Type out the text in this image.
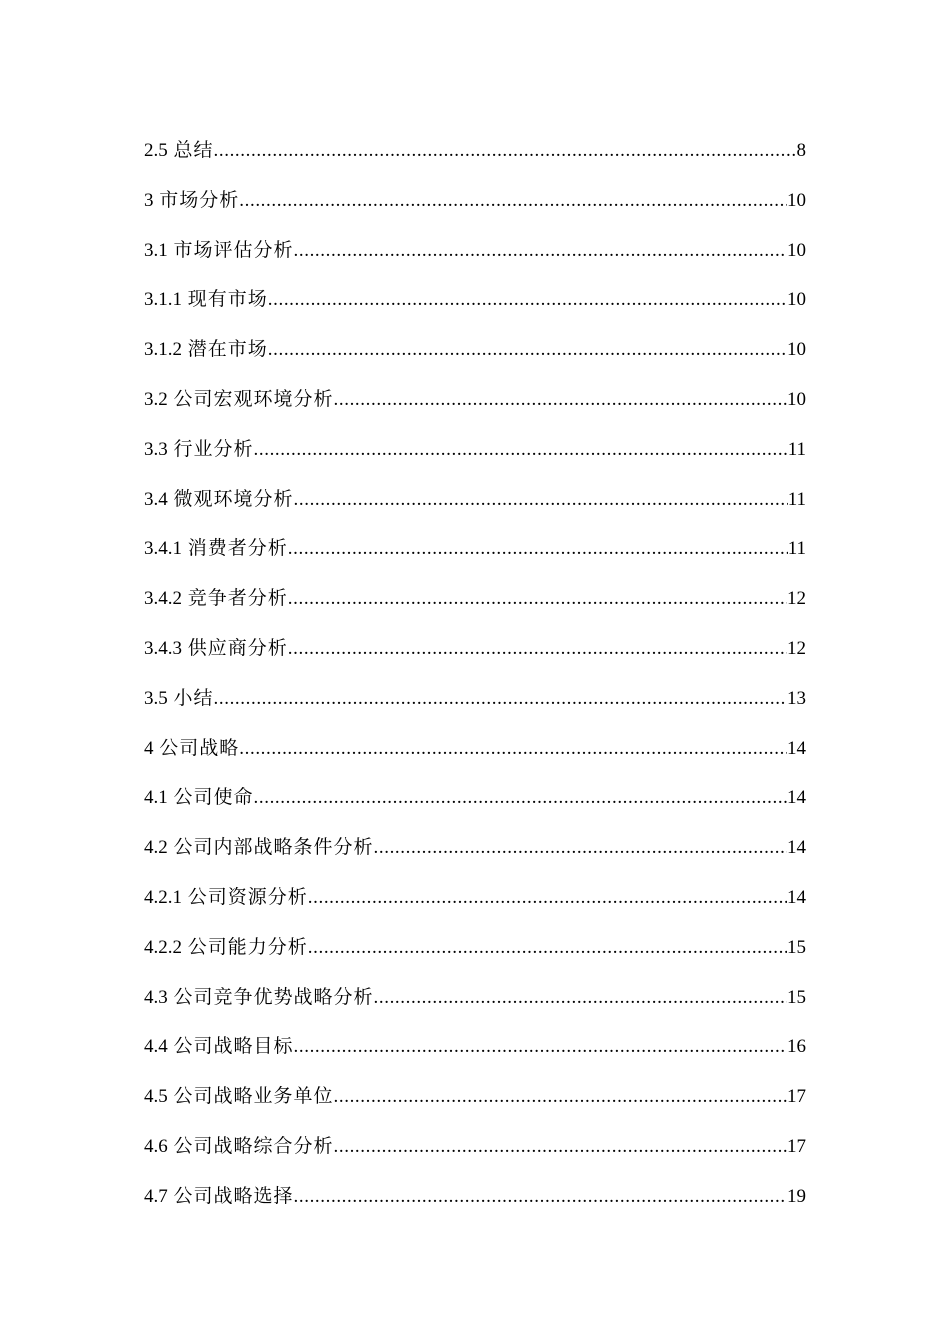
2.5 总结 .....	8
3 市场分析 .....	10
3.1 市场评估分析 .....	10
3.1.1 现有市场 .....	10
3.1.2 潜在市场 .....	10
3.2 公司宏观环境分析 .....	10
3.3 行业分析 .....	11
3.4 微观环境分析 .....	11
3.4.1 消费者分析 .....	11
3.4.2 竞争者分析 .....	12
3.4.3 供应商分析 .....	12
3.5 小结 .....	13
4 公司战略 .....	14
4.1 公司使命 .....	14
4.2 公司内部战略条件分析 .....	14
4.2.1 公司资源分析 .....	14
4.2.2 公司能力分析 .....	15
4.3 公司竞争优势战略分析 .....	15
4.4 公司战略目标 .....	16
4.5 公司战略业务单位 .....	17
4.6 公司战略综合分析 .....	17
4.7 公司战略选择 .....	19
